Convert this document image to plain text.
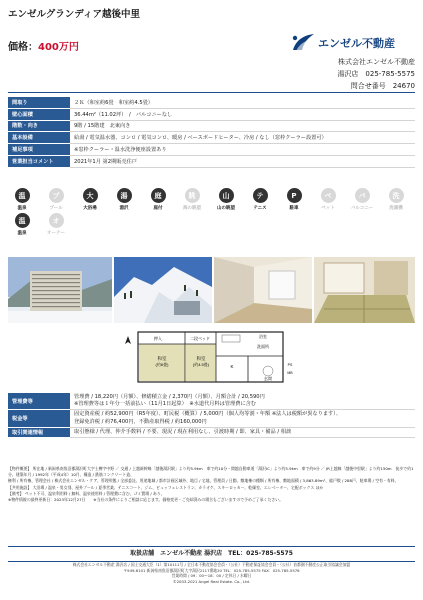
エンゼルグランディア越後中里
価格：400万円	エンゼル不動産
株式会社エンゼル不動産
湯沢店　 025-785-5575
問合せ番号　 24670
間取り	２Ｋ（和室約6畳　和室約4.5畳）
壁心面積	36.44m²（11.02坪）　/　バルコニーなし
階数・向き	9階 / 15階建　北東向き
基本設備	給湯 / 電気温水器、コンロ / 電気コンロ、暖房 / ベースボードヒーター、冷房 / なし（窓枠クーラー設置可）
補足事項	※窓枠クーラー・温水洗浄便座設置あり
営業担当コメント	2021年1月 第2期販売住戸
温
温泉
プ
プール
大
大浴場
湯
湯沢
庭
庭付
眺
海の眺望
山
山の眺望
テ
テニス
P
駐車
ペ
ペット
バ
バルコニー
洗
洗濯機
温
温泉
オ
オーナー
押入	二段ベッド
和室
(約6畳)
和室
(約4.5畳)	K
洗面所
浴室
玄関
MB
PS
管理費等	管理費 / 18,220円（月額）、修繕積立金 / 2,370円（月額）、月額合計 / 20,590円
※管理費等は１年分一括前払い（11月1日起算）　※水道代月料は管理費に含む

税金等	固定資産税 / 約52,900円（R5年度）、町民税（概算）/ 5,000円（個人均等割・年額 ※法人は税額が異なります）、
登録免許税 / 約76,400円、不動産取得税 / 約160,000円

取引関連情報	取引態様 / 代理、仲介手数料 / 不要、現況 / 現在利用なし、引渡時期 / 即、家具・備品 / 相談

【物件概要】 所在地 / 新潟県南魚沼郡湯沢町大字土樽字中野 ／ 交通 / 上越新幹線「越後湯沢駅」より約5.9km　車で約10分・関越自動車道「湯沢IC」より約5.9km　車で約9分 ／ JR上越線「越後中里駅」より約150m　徒歩で約1分、建築年月 / 1992年（平成4年）10月、構造 / 鉄筋コンクリート造、

権利 / 所有権、管理会社 / 株式会社エンゼル・ケア、管理形態 / 全部委託、用途地域 / 都市計画区域外、地目 / 宅地、管理員 / 日勤、敷地権の種類 / 所有権、敷地面積 / 3,863.89m²、総戸数 / 288戸、駐車場 / 空有・有料、

【共用施設】 大浴場 / 温泉・男女別、屋外プール / 夏季営業、テニスコート、ジム、ビュッフェレストラン、カラオケ、スキーロッカー、乾燥室、エレベーター、宅配ボックス ほか

【備考】 ペット不可、温泉利用料 / 無料、温泉使用料 / 管理費に含む、ゴミ置場 / あり、

※物件情報の最終更新日：2023年12月27日　　※当社の条件によりご相談に応じます。価格変更・ご売却済みの場合もございますので予めご了承ください。

取扱店舗　エンゼル不動産 湯沢店　TEL：025-785-5575
株式会社エンゼル不動産 湯沢店 / 国土交通大臣（1）第10111号 / 全日本不動産協会会員・（公社）不動産保証協会会員・（公社）首都圏不動産公正取引協議会加盟
〒949-6101 新潟県南魚沼郡湯沢町大字湯沢2117番地20 TEL：025-785-5575 FAX：025-785-5576
営業時間 / 09：00〜18：00 / 定休日 / 水曜日
©2003-2021 Angel Real Estate. Co., Ltd.
